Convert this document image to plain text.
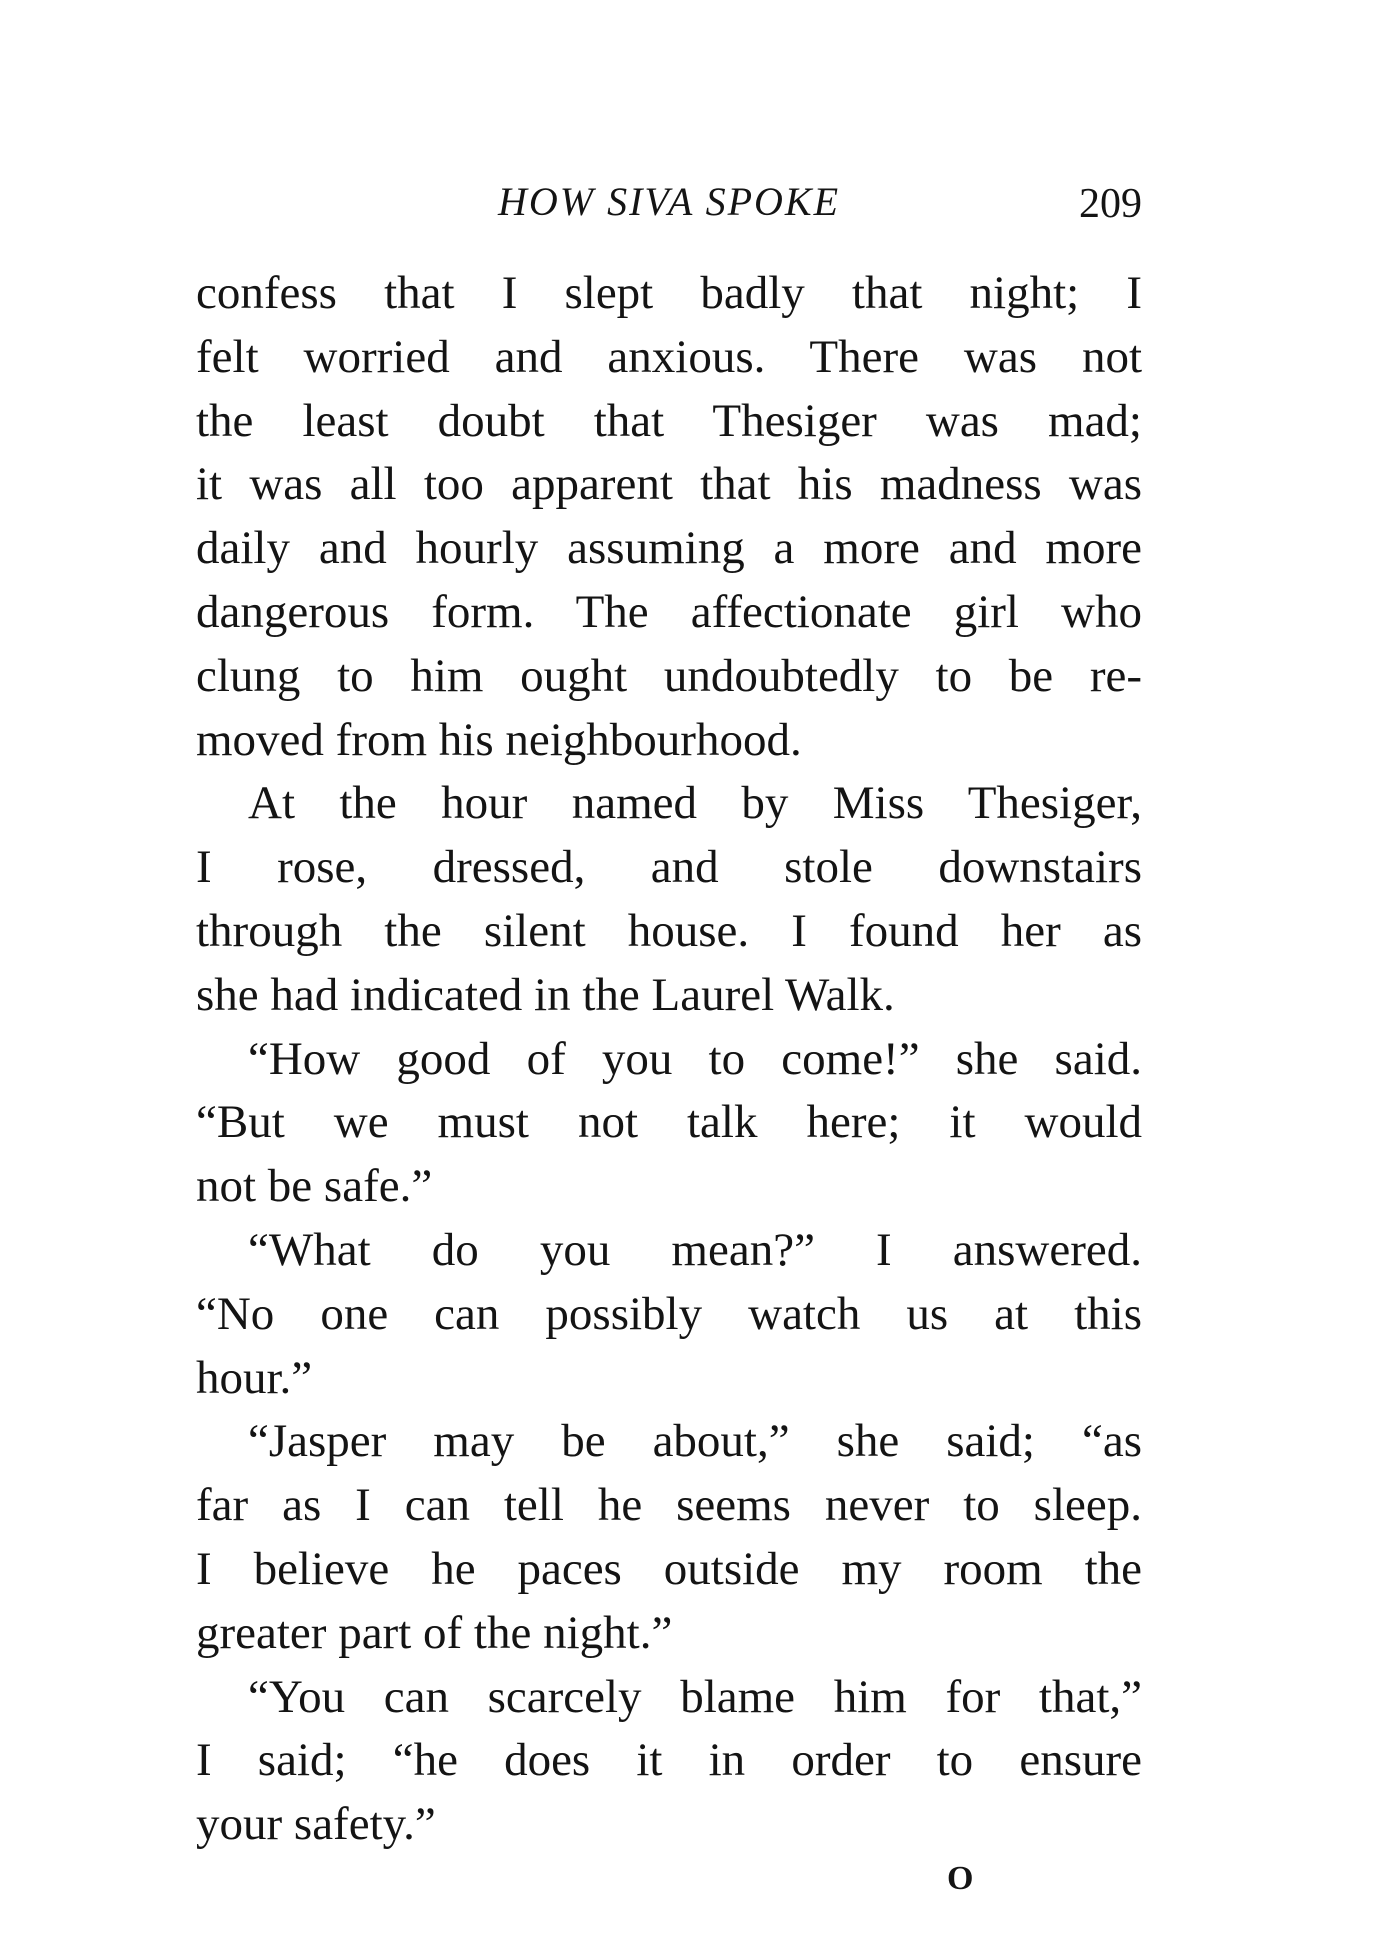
HOW SIVA SPOKE	209
confess that I slept badly that night; I
felt worried and anxious. There was not
the least doubt that Thesiger was mad;
it was all too apparent that his madness was
daily and hourly assuming a more and more
dangerous form. The affectionate girl who
clung to him ought undoubtedly to be re-
moved from his neighbourhood.
At the hour named by Miss Thesiger,
I rose, dressed, and stole downstairs
through the silent house. I found her as
she had indicated in the Laurel Walk.
“How good of you to come!” she said.
“But we must not talk here; it would
not be safe.”
“What do you mean?” I answered.
“No one can possibly watch us at this
hour.”
“Jasper may be about,” she said; “as
far as I can tell he seems never to sleep.
I believe he paces outside my room the
greater part of the night.”
“You can scarcely blame him for that,”
I said; “he does it in order to ensure
your safety.”
O
